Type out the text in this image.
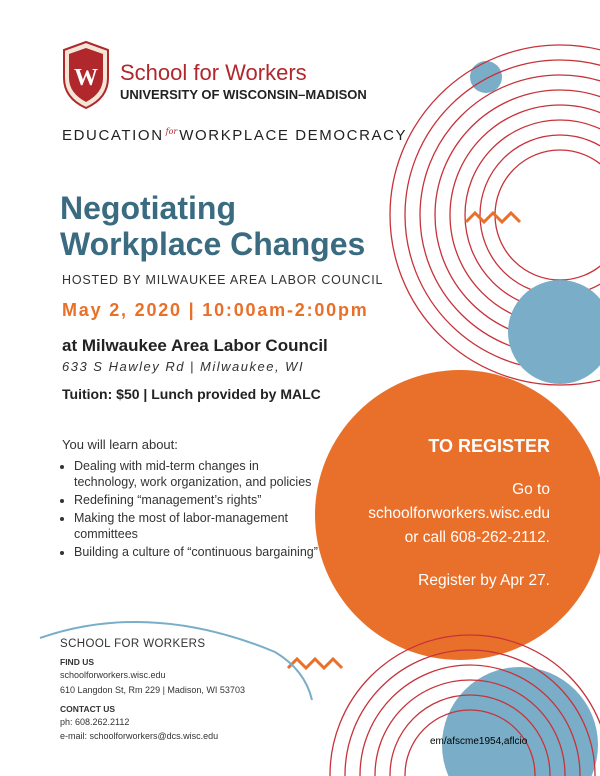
W School for Workers
UNIVERSITY OF WISCONSIN–MADISON
EDUCATION $^{for}$ WORKPLACE DEMOCRACY
Negotiating
Workplace Changes
HOSTED BY MILWAUKEE AREA LABOR COUNCIL
May 2, 2020 | 10:00am-2:00pm
at Milwaukee Area Labor Council
633 S Hawley Rd | Milwaukee, WI
Tuition: $50 | Lunch provided by MALC
You will learn about:
• Dealing with mid-term changes in technology, work organization, and policies
• Redefining “management’s rights”
• Making the most of labor-management committees
• Building a culture of “continuous bargaining”
TO REGISTER
Go to
schoolforworkers.wisc.edu
or call 608-262-2112.
Register by Apr 27.
SCHOOL FOR WORKERS
FIND US
schoolforworkers.wisc.edu
610 Langdon St, Rm 229 | Madison, WI 53703
CONTACT US
ph: 608.262.2112
e-mail: schoolforworkers@dcs.wisc.edu	em/afscme1954,aflcio
